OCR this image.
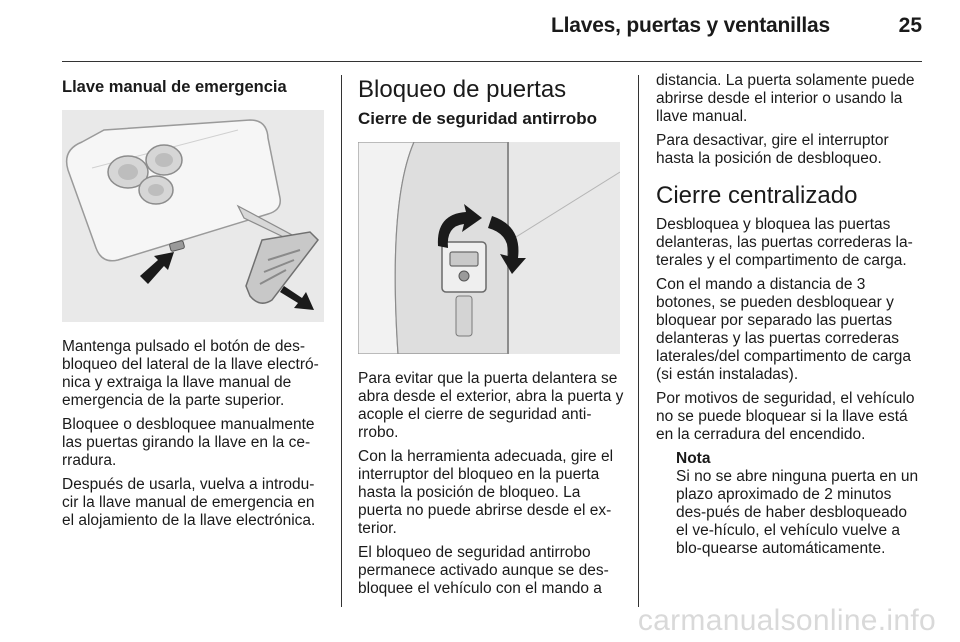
Llaves, puertas y ventanillas	25
Llave manual de emergencia

Mantenga pulsado el botón de des-bloqueo del lateral de la llave electró-nica y extraiga la llave manual de emergencia de la parte superior.

Bloquee o desbloquee manualmente las puertas girando la llave en la ce-rradura.

Después de usarla, vuelva a introdu-cir la llave manual de emergencia en el alojamiento de la llave electrónica.

Bloqueo de puertas
Cierre de seguridad antirrobo

Para evitar que la puerta delantera se abra desde el exterior, abra la puerta y acople el cierre de seguridad anti-rrobo.

Con la herramienta adecuada, gire el interruptor del bloqueo en la puerta hasta la posición de bloqueo. La puerta no puede abrirse desde el ex-terior.

El bloqueo de seguridad antirrobo permanece activado aunque se des-bloquee el vehículo con el mando a

distancia. La puerta solamente puede abrirse desde el interior o usando la llave manual.

Para desactivar, gire el interruptor hasta la posición de desbloqueo.

Cierre centralizado

Desbloquea y bloquea las puertas delanteras, las puertas correderas la-terales y el compartimento de carga.

Con el mando a distancia de 3 botones, se pueden desbloquear y bloquear por separado las puertas delanteras y las puertas correderas laterales/del compartimento de carga (si están instaladas).

Por motivos de seguridad, el vehículo no se puede bloquear si la llave está en la cerradura del encendido.

Nota
Si no se abre ninguna puerta en un plazo aproximado de 2 minutos des-pués de haber desbloqueado el ve-hículo, el vehículo vuelve a blo-quearse automáticamente.
carmanualsonline.info
